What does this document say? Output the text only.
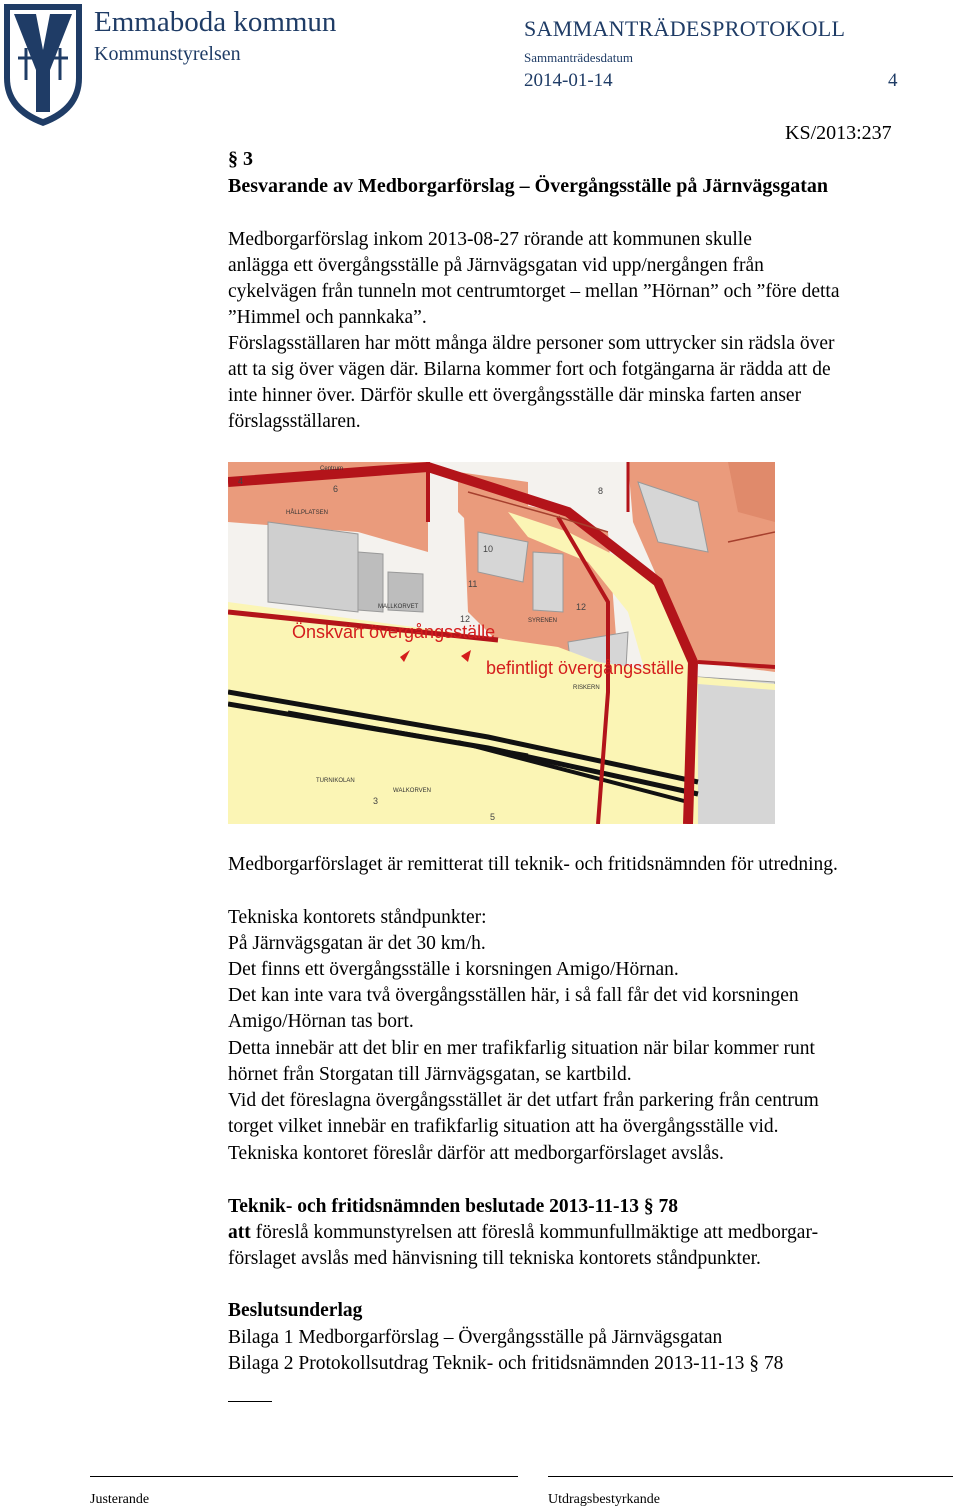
Emmaboda kommun
Kommunstyrelsen
SAMMANTRÄDESPROTOKOLL
Sammanträdesdatum
2014-01-14	4
KS/2013:237
§ 3
Besvarande av Medborgarförslag – Övergångsställe på Järnvägsgatan
Medborgarförslag inkom 2013-08-27 rörande att kommunen skulle
anlägga ett övergångsställe på Järnvägsgatan vid upp/nergången från
cykelvägen från tunneln mot centrumtorget – mellan ”Hörnan” och ”före detta
”Himmel och pannkaka”.
Förslagsställaren har mött många äldre personer som uttrycker sin rädsla över
att ta sig över vägen där. Bilarna kommer fort och fotgängarna är rädda att de
inte hinner över. Därför skulle ett övergångsställe där minska farten anser
förslagsställaren.
4
6	8
10
11
12
12
3
5
Centrum
HÅLLPLATSEN
MALLKORVET
SYRENEN
RISKERN
TURNIKOLAN
WALKORVEN
Önskvärt övergångsställe
befintligt övergångsställe
Medborgarförslaget är remitterat till teknik- och fritidsnämnden för utredning.
Tekniska kontorets ståndpunkter:
På Järnvägsgatan är det 30 km/h.
Det finns ett övergångsställe i korsningen Amigo/Hörnan.
Det kan inte vara två övergångsställen här, i så fall får det vid korsningen
Amigo/Hörnan tas bort.
Detta innebär att det blir en mer trafikfarlig situation när bilar kommer runt
hörnet från Storgatan till Järnvägsgatan, se kartbild.
Vid det föreslagna övergångsstället är det utfart från parkering från centrum
torget vilket innebär en trafikfarlig situation att ha övergångsställe vid.
Tekniska kontoret föreslår därför att medborgarförslaget avslås.
Teknik- och fritidsnämnden beslutade 2013-11-13 § 78
att föreslå kommunstyrelsen att föreslå kommunfullmäktige att medborgar-
förslaget avslås med hänvisning till tekniska kontorets ståndpunkter.
Beslutsunderlag
Bilaga 1 Medborgarförslag – Övergångsställe på Järnvägsgatan
Bilaga 2 Protokollsutdrag Teknik- och fritidsnämnden 2013-11-13 § 78
Justerande	Utdragsbestyrkande
